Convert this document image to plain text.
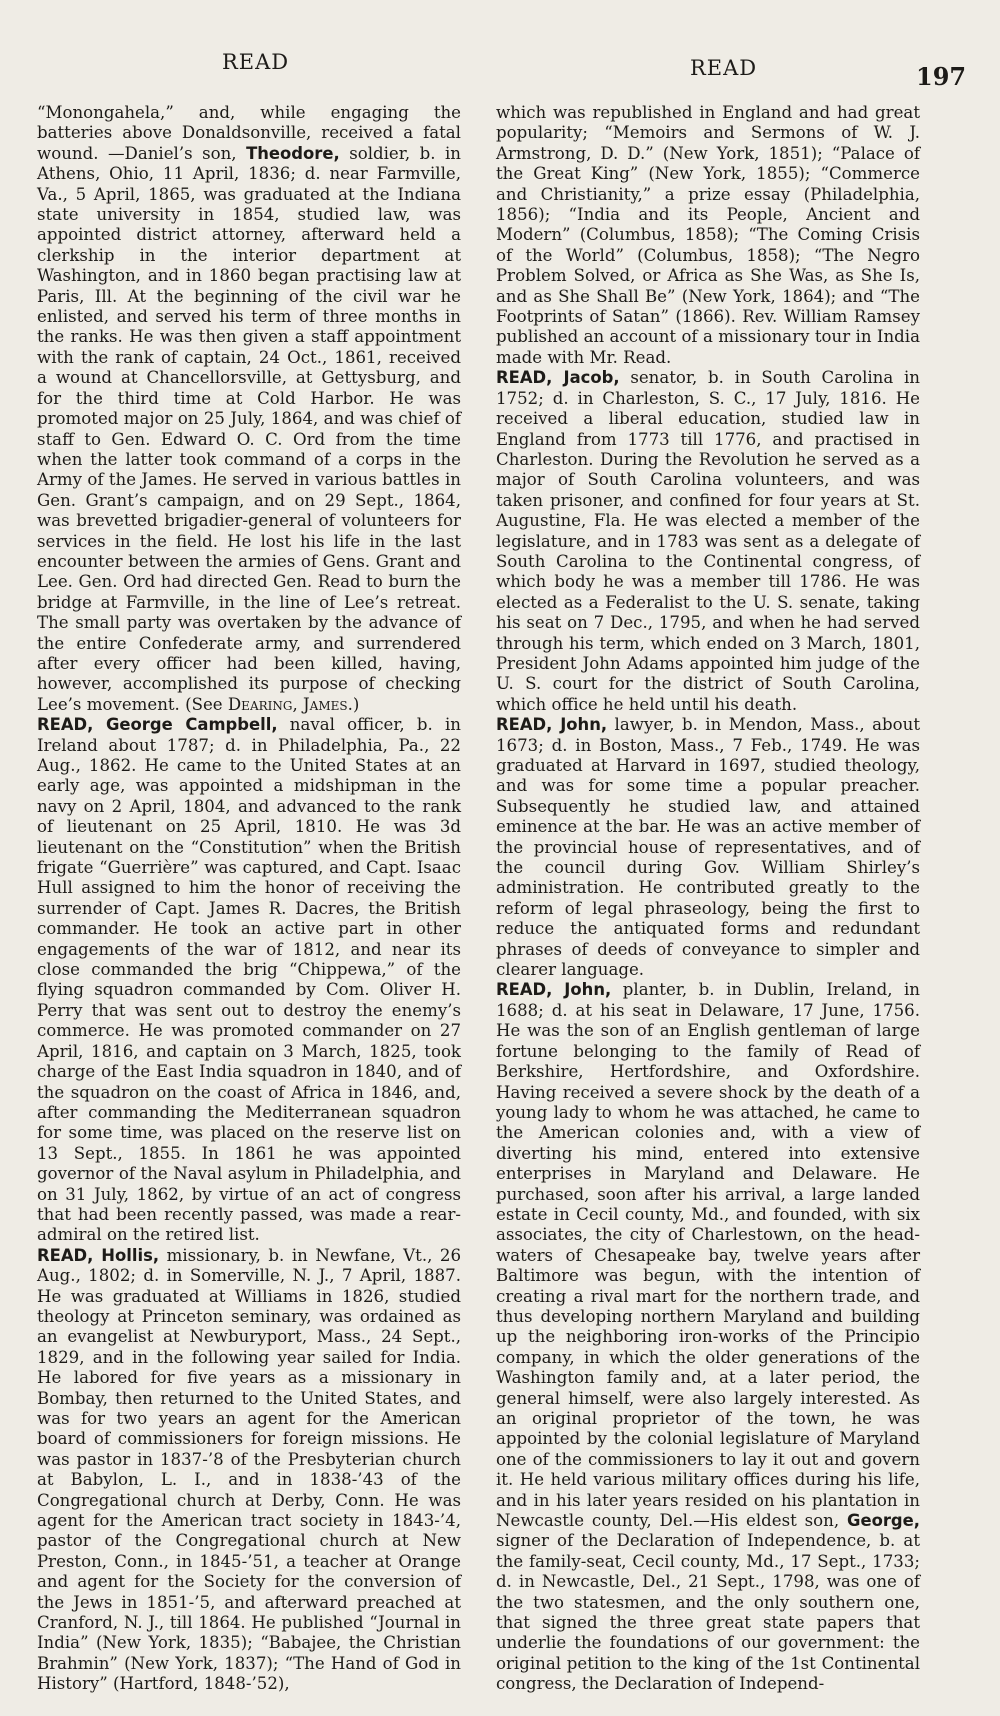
READ	READ	197

“Monongahela,” and, while engaging the batteries above Donaldsonville, received a fatal wound. —Daniel’s son, Theodore, soldier, b. in Athens, Ohio, 11 April, 1836; d. near Farmville, Va., 5 April, 1865, was graduated at the Indiana state university in 1854, studied law, was appointed district attorney, afterward held a clerkship in the interior department at Washington, and in 1860 began practising law at Paris, Ill. At the beginning of the civil war he enlisted, and served his term of three months in the ranks. He was then given a staff appointment with the rank of captain, 24 Oct., 1861, received a wound at Chancellorsville, at Gettysburg, and for the third time at Cold Harbor. He was promoted major on 25 July, 1864, and was chief of staff to Gen. Edward O. C. Ord from the time when the latter took command of a corps in the Army of the James. He served in various battles in Gen. Grant’s campaign, and on 29 Sept., 1864, was brevetted brigadier-general of volunteers for services in the field. He lost his life in the last encounter between the armies of Gens. Grant and Lee. Gen. Ord had directed Gen. Read to burn the bridge at Farmville, in the line of Lee’s retreat. The small party was overtaken by the advance of the entire Confederate army, and surrendered after every officer had been killed, having, however, accomplished its purpose of checking Lee’s movement. (See Dearing, James.)

READ, George Campbell, naval officer, b. in Ireland about 1787; d. in Philadelphia, Pa., 22 Aug., 1862. He came to the United States at an early age, was appointed a midshipman in the navy on 2 April, 1804, and advanced to the rank of lieutenant on 25 April, 1810. He was 3d lieutenant on the “Constitution” when the British frigate “Guerrière” was captured, and Capt. Isaac Hull assigned to him the honor of receiving the surrender of Capt. James R. Dacres, the British commander. He took an active part in other engagements of the war of 1812, and near its close commanded the brig “Chippewa,” of the flying squadron commanded by Com. Oliver H. Perry that was sent out to destroy the enemy’s commerce. He was promoted commander on 27 April, 1816, and captain on 3 March, 1825, took charge of the East India squadron in 1840, and of the squadron on the coast of Africa in 1846, and, after commanding the Mediterranean squadron for some time, was placed on the reserve list on 13 Sept., 1855. In 1861 he was appointed governor of the Naval asylum in Philadelphia, and on 31 July, 1862, by virtue of an act of congress that had been recently passed, was made a rear-admiral on the retired list.

READ, Hollis, missionary, b. in Newfane, Vt., 26 Aug., 1802; d. in Somerville, N. J., 7 April, 1887. He was graduated at Williams in 1826, studied theology at Princeton seminary, was ordained as an evangelist at Newburyport, Mass., 24 Sept., 1829, and in the following year sailed for India. He labored for five years as a missionary in Bombay, then returned to the United States, and was for two years an agent for the American board of commissioners for foreign missions. He was pastor in 1837-’8 of the Presbyterian church at Babylon, L. I., and in 1838-’43 of the Congregational church at Derby, Conn. He was agent for the American tract society in 1843-’4, pastor of the Congregational church at New Preston, Conn., in 1845-’51, a teacher at Orange and agent for the Society for the conversion of the Jews in 1851-’5, and afterward preached at Cranford, N. J., till 1864. He published “Journal in India” (New York, 1835); “Babajee, the Christian Brahmin” (New York, 1837); “The Hand of God in History” (Hartford, 1848-’52),

which was republished in England and had great popularity; “Memoirs and Sermons of W. J. Armstrong, D. D.” (New York, 1851); “Palace of the Great King” (New York, 1855); “Commerce and Christianity,” a prize essay (Philadelphia, 1856); “India and its People, Ancient and Modern” (Columbus, 1858); “The Coming Crisis of the World” (Columbus, 1858); “The Negro Problem Solved, or Africa as She Was, as She Is, and as She Shall Be” (New York, 1864); and “The Footprints of Satan” (1866). Rev. William Ramsey published an account of a missionary tour in India made with Mr. Read.

READ, Jacob, senator, b. in South Carolina in 1752; d. in Charleston, S. C., 17 July, 1816. He received a liberal education, studied law in England from 1773 till 1776, and practised in Charleston. During the Revolution he served as a major of South Carolina volunteers, and was taken prisoner, and confined for four years at St. Augustine, Fla. He was elected a member of the legislature, and in 1783 was sent as a delegate of South Carolina to the Continental congress, of which body he was a member till 1786. He was elected as a Federalist to the U. S. senate, taking his seat on 7 Dec., 1795, and when he had served through his term, which ended on 3 March, 1801, President John Adams appointed him judge of the U. S. court for the district of South Carolina, which office he held until his death.

READ, John, lawyer, b. in Mendon, Mass., about 1673; d. in Boston, Mass., 7 Feb., 1749. He was graduated at Harvard in 1697, studied theology, and was for some time a popular preacher. Subsequently he studied law, and attained eminence at the bar. He was an active member of the provincial house of representatives, and of the council during Gov. William Shirley’s administration. He contributed greatly to the reform of legal phraseology, being the first to reduce the antiquated forms and redundant phrases of deeds of conveyance to simpler and clearer language.

READ, John, planter, b. in Dublin, Ireland, in 1688; d. at his seat in Delaware, 17 June, 1756. He was the son of an English gentleman of large fortune belonging to the family of Read of Berkshire, Hertfordshire, and Oxfordshire. Having received a severe shock by the death of a young lady to whom he was attached, he came to the American colonies and, with a view of diverting his mind, entered into extensive enterprises in Maryland and Delaware. He purchased, soon after his arrival, a large landed estate in Cecil county, Md., and founded, with six associates, the city of Charlestown, on the head-waters of Chesapeake bay, twelve years after Baltimore was begun, with the intention of creating a rival mart for the northern trade, and thus developing northern Maryland and building up the neighboring iron-works of the Principio company, in which the older generations of the Washington family and, at a later period, the general himself, were also largely interested. As an original proprietor of the town, he was appointed by the colonial legislature of Maryland one of the commissioners to lay it out and govern it. He held various military offices during his life, and in his later years resided on his plantation in Newcastle county, Del.—His eldest son, George, signer of the Declaration of Independence, b. at the family-seat, Cecil county, Md., 17 Sept., 1733; d. in Newcastle, Del., 21 Sept., 1798, was one of the two statesmen, and the only southern one, that signed the three great state papers that underlie the foundations of our government: the original petition to the king of the 1st Continental congress, the Declaration of Independ-
